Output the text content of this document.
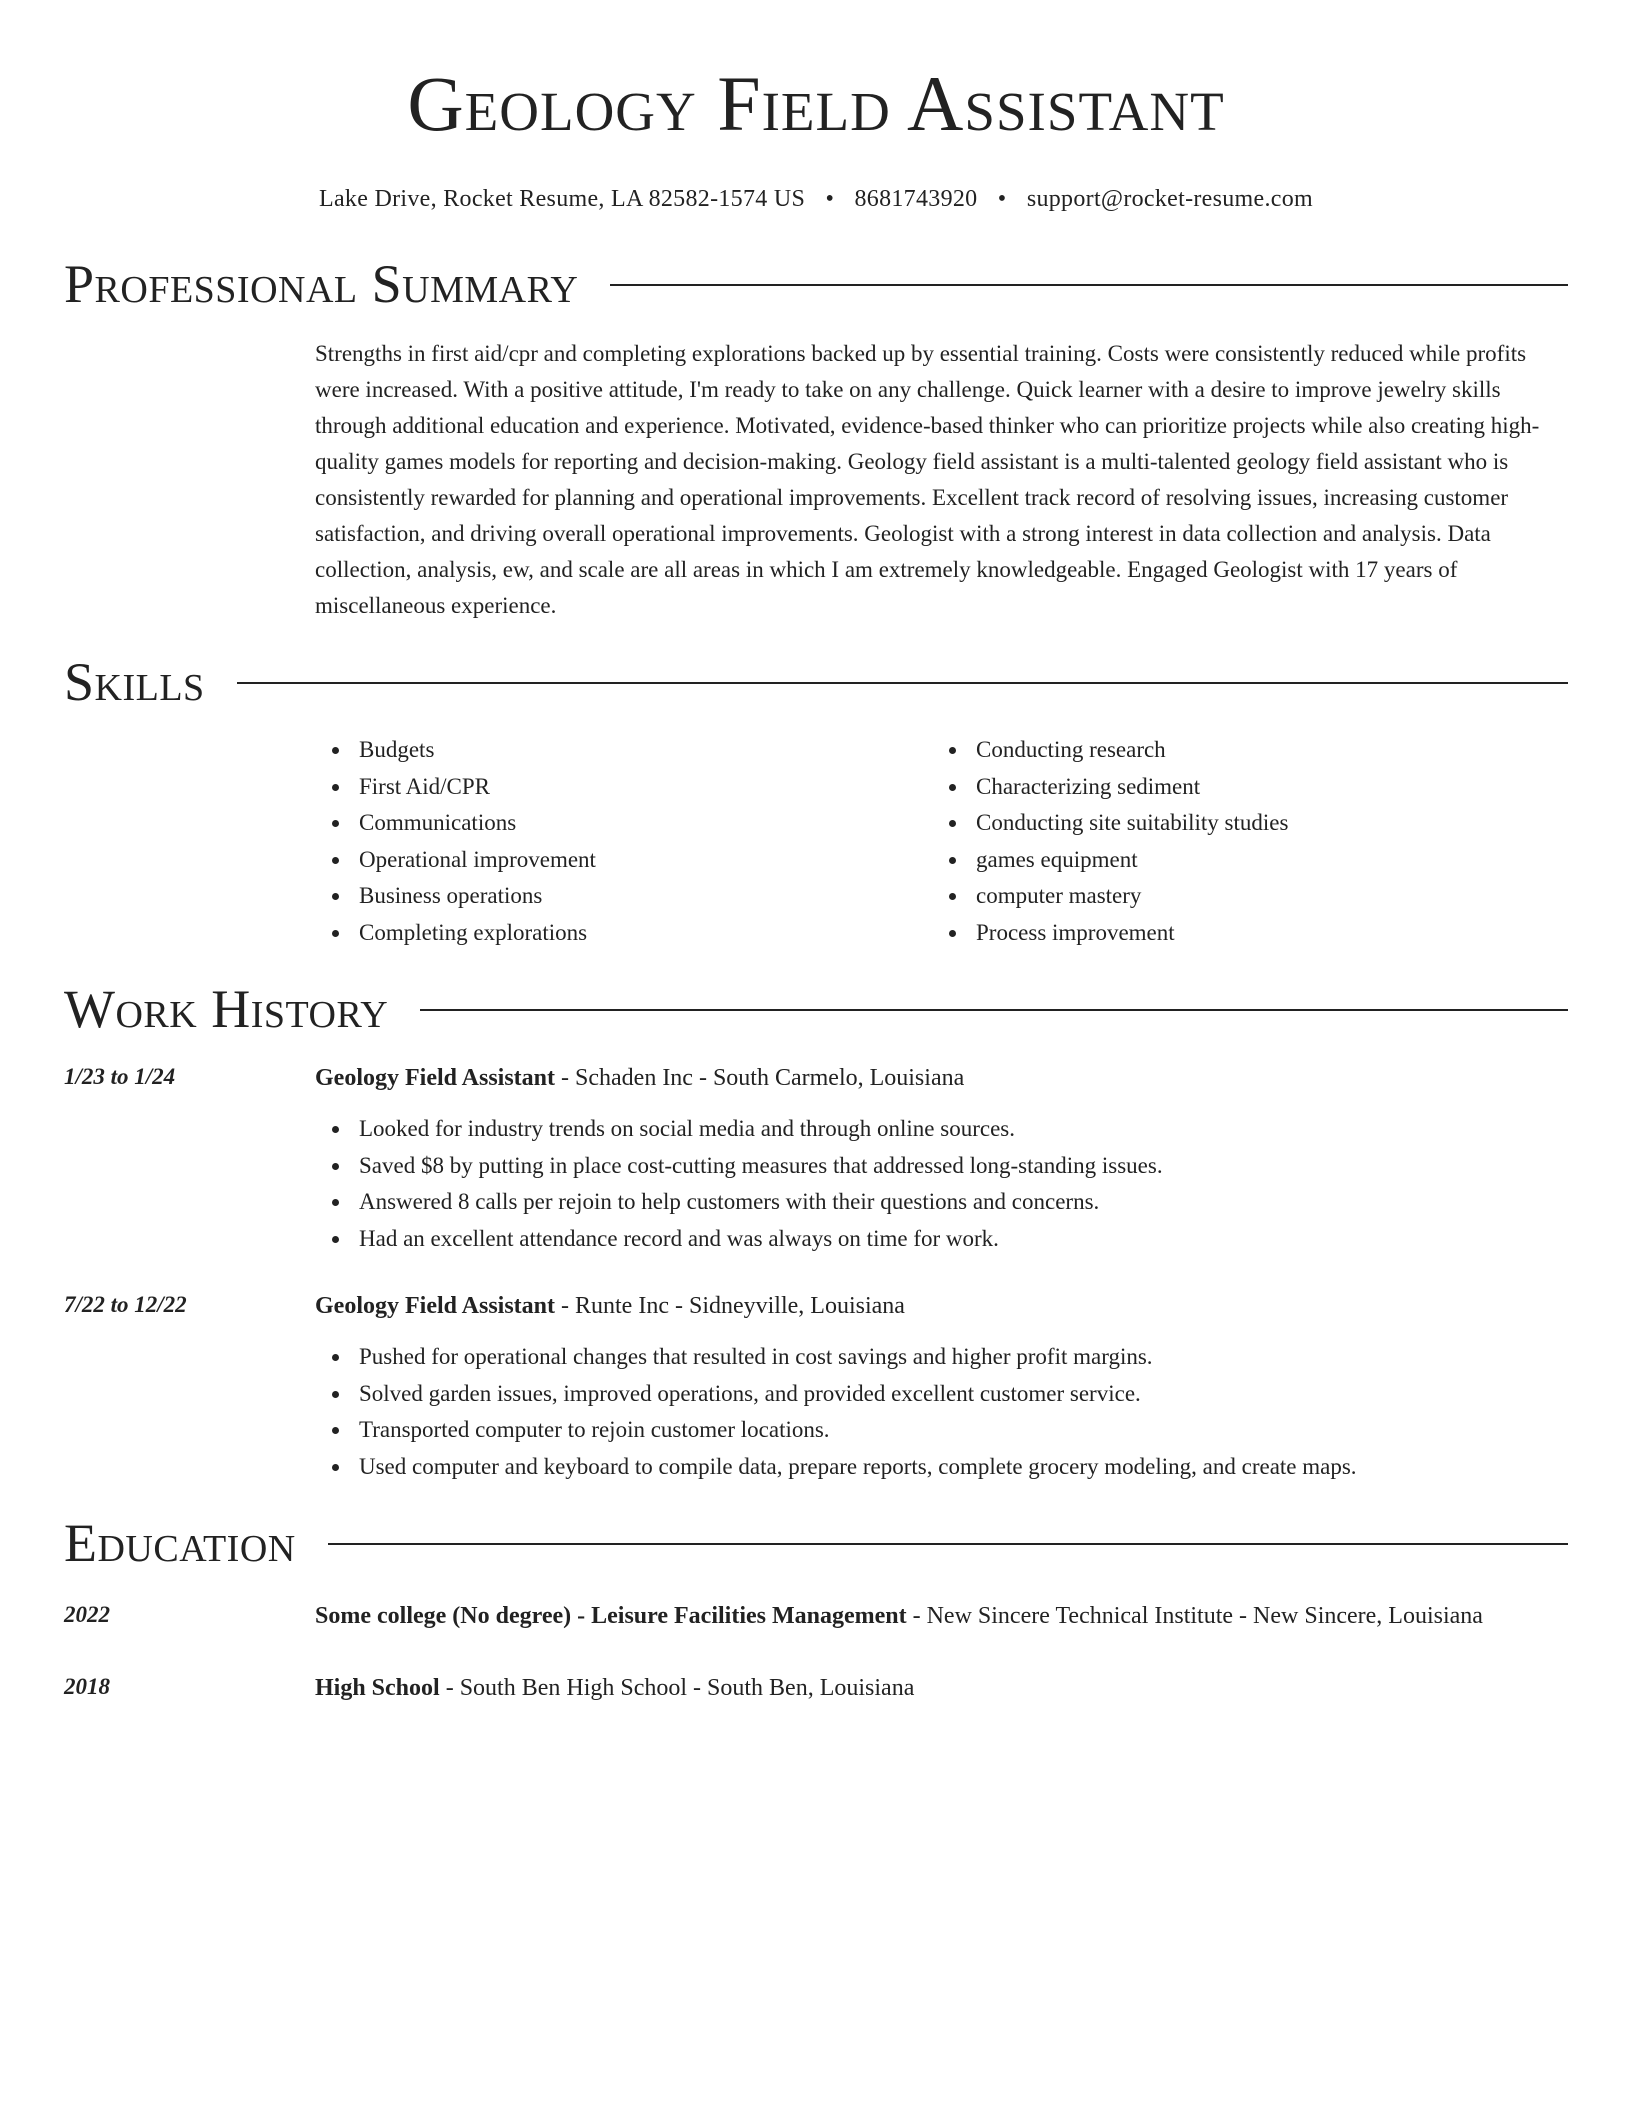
Geology Field Assistant
Lake Drive, Rocket Resume, LA 82582-1574 US • 8681743920 • support@rocket-resume.com
Professional Summary
Strengths in first aid/cpr and completing explorations backed up by essential training. Costs were consistently reduced while profits were increased. With a positive attitude, I'm ready to take on any challenge. Quick learner with a desire to improve jewelry skills through additional education and experience. Motivated, evidence-based thinker who can prioritize projects while also creating high-quality games models for reporting and decision-making. Geology field assistant is a multi-talented geology field assistant who is consistently rewarded for planning and operational improvements. Excellent track record of resolving issues, increasing customer satisfaction, and driving overall operational improvements. Geologist with a strong interest in data collection and analysis. Data collection, analysis, ew, and scale are all areas in which I am extremely knowledgeable. Engaged Geologist with 17 years of miscellaneous experience.
Skills
Budgets
First Aid/CPR
Communications
Operational improvement
Business operations
Completing explorations
Conducting research
Characterizing sediment
Conducting site suitability studies
games equipment
computer mastery
Process improvement
Work History
1/23 to 1/24	Geology Field Assistant - Schaden Inc - South Carmelo, Louisiana
Looked for industry trends on social media and through online sources.
Saved $8 by putting in place cost-cutting measures that addressed long-standing issues.
Answered 8 calls per rejoin to help customers with their questions and concerns.
Had an excellent attendance record and was always on time for work.
7/22 to 12/22	Geology Field Assistant - Runte Inc - Sidneyville, Louisiana
Pushed for operational changes that resulted in cost savings and higher profit margins.
Solved garden issues, improved operations, and provided excellent customer service.
Transported computer to rejoin customer locations.
Used computer and keyboard to compile data, prepare reports, complete grocery modeling, and create maps.
Education
2022	Some college (No degree) - Leisure Facilities Management - New Sincere Technical Institute - New Sincere, Louisiana
2018	High School - South Ben High School - South Ben, Louisiana
